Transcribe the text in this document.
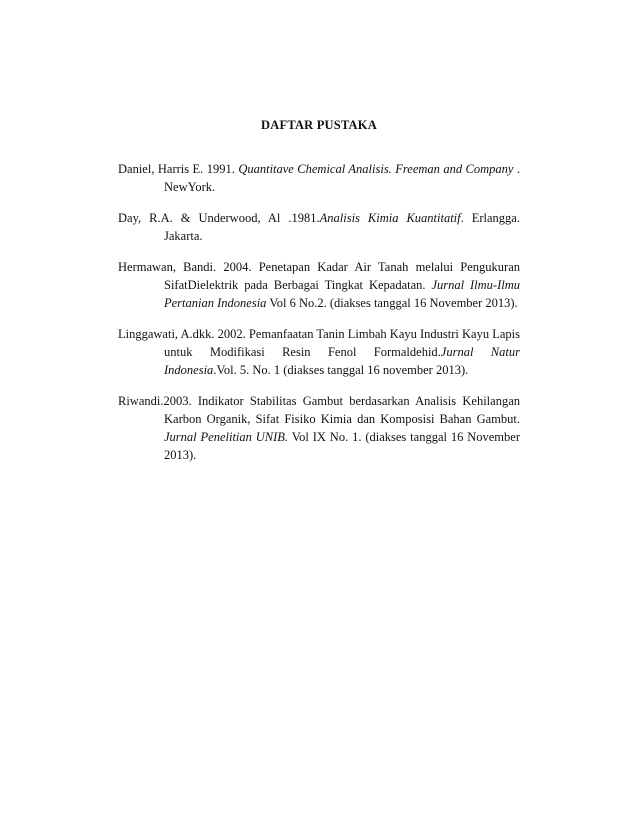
DAFTAR PUSTAKA
Daniel, Harris E. 1991. Quantitave Chemical Analisis. Freeman and Company . NewYork.
Day, R.A. & Underwood, Al .1981.Analisis Kimia Kuantitatif. Erlangga. Jakarta.
Hermawan, Bandi. 2004. Penetapan Kadar Air Tanah melalui Pengukuran SifatDielektrik pada Berbagai Tingkat Kepadatan. Jurnal Ilmu-Ilmu Pertanian Indonesia Vol 6 No.2. (diakses tanggal 16 November 2013).
Linggawati, A.dkk. 2002. Pemanfaatan Tanin Limbah Kayu Industri Kayu Lapis untuk Modifikasi Resin Fenol Formaldehid.Jurnal Natur Indonesia.Vol. 5. No. 1 (diakses tanggal 16 november 2013).
Riwandi.2003. Indikator Stabilitas Gambut berdasarkan Analisis Kehilangan Karbon Organik, Sifat Fisiko Kimia dan Komposisi Bahan Gambut. Jurnal Penelitian UNIB. Vol IX No. 1. (diakses tanggal 16 November 2013).
